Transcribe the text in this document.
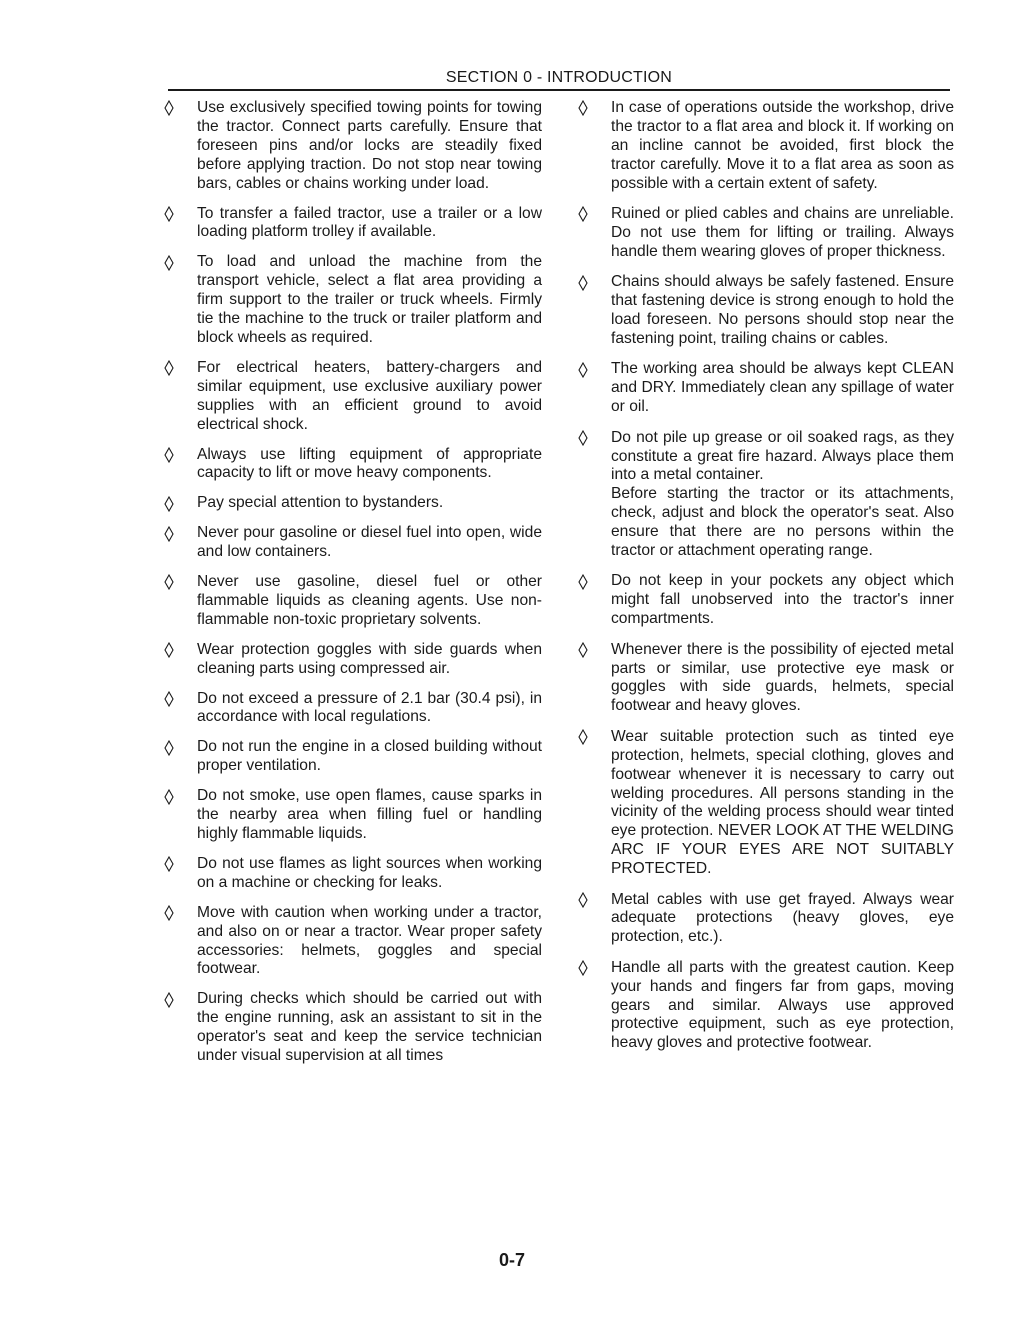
SECTION 0 - INTRODUCTION
Use exclusively specified towing points for towing the tractor. Connect parts carefully. Ensure that foreseen pins and/or locks are steadily fixed before applying traction. Do not stop near towing bars, cables or chains working under load.
To transfer a failed tractor, use a trailer or a low loading platform trolley if available.
To load and unload the machine from the transport vehicle, select a flat area providing a firm support to the trailer or truck wheels. Firmly tie the machine to the truck or trailer platform and block wheels as required.
For electrical heaters, battery-chargers and similar equipment, use exclusive auxiliary power supplies with an efficient ground to avoid electrical shock.
Always use lifting equipment of appropriate capacity to lift or move heavy components.
Pay special attention to bystanders.
Never pour gasoline or diesel fuel into open, wide and low containers.
Never use gasoline, diesel fuel or other flammable liquids as cleaning agents. Use non-flammable non-toxic proprietary solvents.
Wear protection goggles with side guards when cleaning parts using compressed air.
Do not exceed a pressure of 2.1 bar (30.4 psi), in accordance with local regulations.
Do not run the engine in a closed building without proper ventilation.
Do not smoke, use open flames, cause sparks in the nearby area when filling fuel or handling highly flammable liquids.
Do not use flames as light sources when working on a machine or checking for leaks.
Move with caution when working under a tractor, and also on or near a tractor. Wear proper safety accessories: helmets, goggles and special footwear.
During checks which should be carried out with the engine running, ask an assistant to sit in the operator's seat and keep the service technician under visual supervision at all times
In case of operations outside the workshop, drive the tractor to a flat area and block it. If working on an incline cannot be avoided, first block the tractor carefully. Move it to a flat area as soon as possible with a certain extent of safety.
Ruined or plied cables and chains are unreliable. Do not use them for lifting or trailing. Always handle them wearing gloves of proper thickness.
Chains should always be safely fastened. Ensure that fastening device is strong enough to hold the load foreseen. No persons should stop near the fastening point, trailing chains or cables.
The working area should be always kept CLEAN and DRY. Immediately clean any spillage of water or oil.
Do not pile up grease or oil soaked rags, as they constitute a great fire hazard. Always place them into a metal container.
Before starting the tractor or its attachments, check, adjust and block the operator's seat. Also ensure that there are no persons within the tractor or attachment operating range.
Do not keep in your pockets any object which might fall unobserved into the tractor's inner compartments.
Whenever there is the possibility of ejected metal parts or similar, use protective eye mask or goggles with side guards, helmets, special footwear and heavy gloves.
Wear suitable protection such as tinted eye protection, helmets, special clothing, gloves and footwear whenever it is necessary to carry out welding procedures. All persons standing in the vicinity of the welding process should wear tinted eye protection. NEVER LOOK AT THE WELDING ARC IF YOUR EYES ARE NOT SUITABLY PROTECTED.
Metal cables with use get frayed. Always wear adequate protections (heavy gloves, eye protection, etc.).
Handle all parts with the greatest caution. Keep your hands and fingers far from gaps, moving gears and similar. Always use approved protective equipment, such as eye protection, heavy gloves and protective footwear.
0-7
